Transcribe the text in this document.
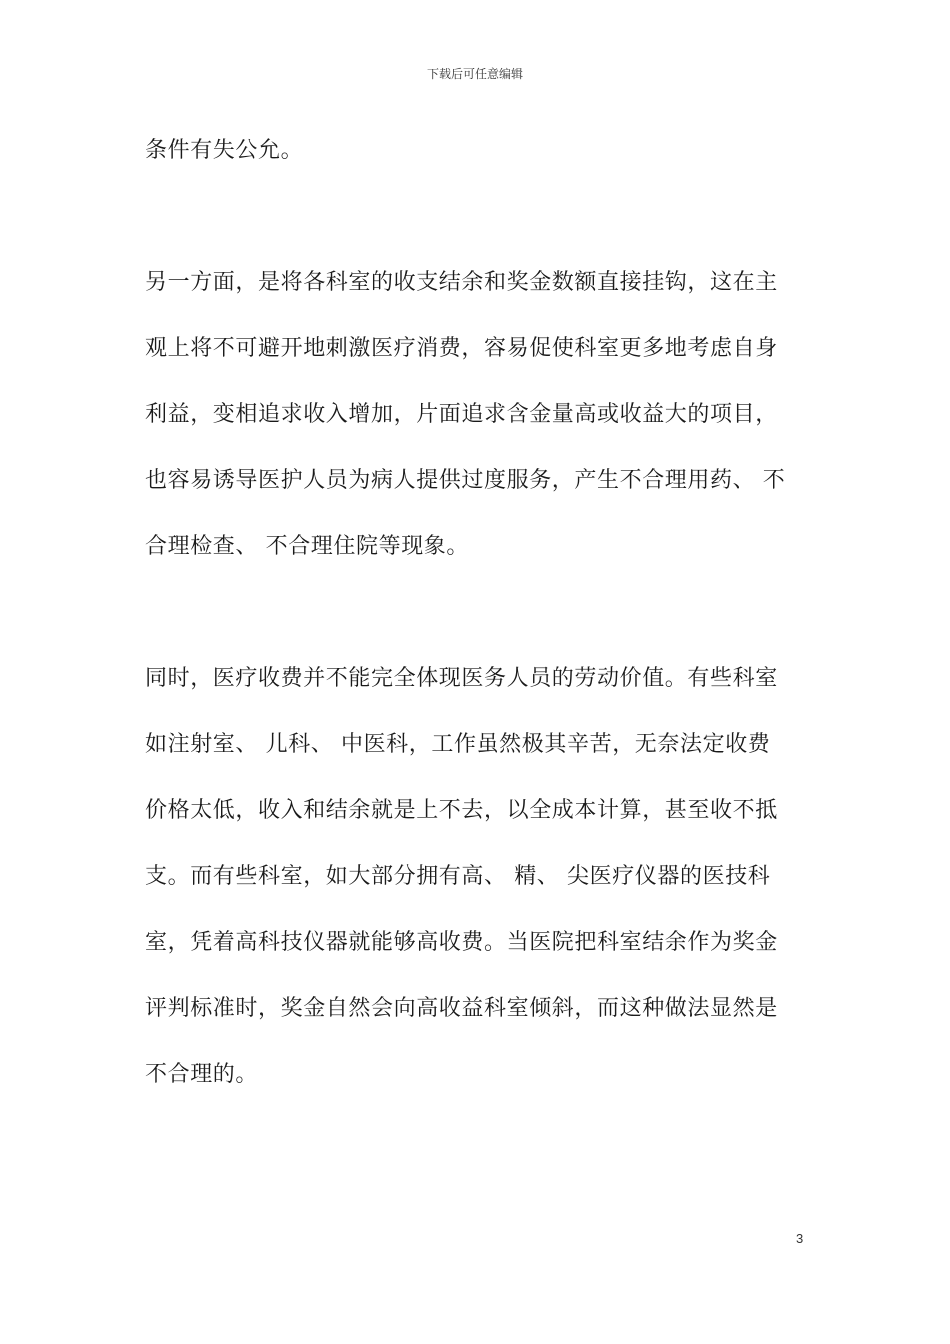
下载后可任意编辑
条件有失公允。
另一方面，是将各科室的收支结余和奖金数额直接挂钩，这在主
观上将不可避开地刺激医疗消费，容易促使科室更多地考虑自身
利益，变相追求收入增加，片面追求含金量高或收益大的项目，
也容易诱导医护人员为病人提供过度服务，产生不合理用药、 不
合理检查、 不合理住院等现象。
同时，医疗收费并不能完全体现医务人员的劳动价值。有些科室
如注射室、 儿科、 中医科，工作虽然极其辛苦，无奈法定收费
价格太低，收入和结余就是上不去，以全成本计算，甚至收不抵
支。而有些科室，如大部分拥有高、 精、 尖医疗仪器的医技科
室，凭着高科技仪器就能够高收费。当医院把科室结余作为奖金
评判标准时，奖金自然会向高收益科室倾斜，而这种做法显然是
不合理的。
3
